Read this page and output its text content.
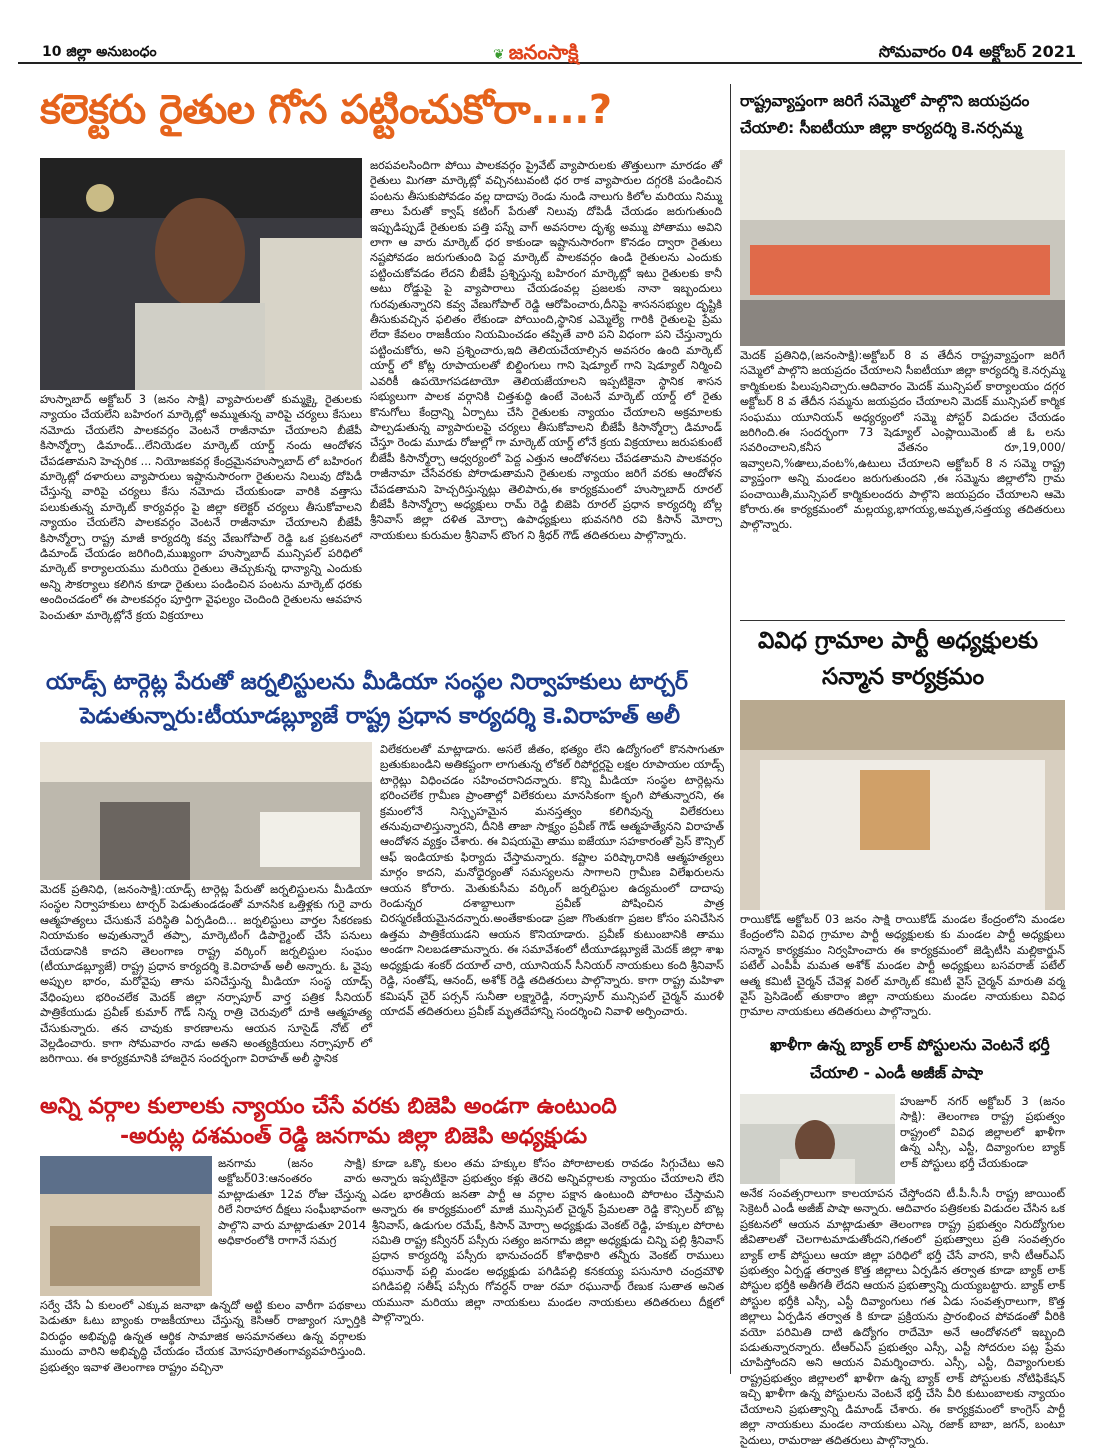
10 జిల్లా అనుబంధం	❦ జనంసాక్షి	సోమవారం 04 అక్టోబర్ 2021
కలెక్టరు రైతుల గోస పట్టించుకోరా....?
హుస్నాబాద్ అక్టోబర్ 3 (జనం సాక్షి) వ్యాపారులతో కుమ్మక్కై రైతులకు న్యాయం చేయలేని బహిరంగ మార్కెట్లో అమ్ముతున్న వారిపై చర్యలు కేసులు నమోదు చేయలేని పాలకవర్గం వెంటనే రాజీనామా చేయాలని బీజేపీ కిసాన్మోర్చా డిమాండ్...లేనియెడల మార్కెట్ యార్డ్ నందు ఆందోళన చేపడతామని హెచ్చరిక ... నియోజకవర్గ కేంద్రమైనహుస్నాబాద్ లో బహిరంగ మార్కెట్లో దళారులు వ్యాపారులు ఇష్టానుసారంగా రైతులను నిలువు దోపిడీ చేస్తున్న వారిపై చర్యలు కేసు నమోదు చేయకుండా వారికి వత్తాసు పలుకుతున్న మార్కెట్ కార్యవర్గం పై జిల్లా కలెక్టర్ చర్యలు తీసుకోవాలని న్యాయం చేయలేని పాలకవర్గం వెంటనే రాజీనామా చేయాలని బీజేపీ కిసాన్మోర్చా రాష్ట్ర మాజీ కార్యదర్శి కవ్వ వేణుగోపాల్ రెడ్డి ఒక ప్రకటనలో డిమాండ్ చేయడం జరిగింది,ముఖ్యంగా హుస్నాబాద్ మున్సిపల్ పరిధిలో మార్కెట్ కార్యాలయము మరియు రైతులు తెచ్చుకున్న ధాన్యాన్ని ఎందుకు అన్ని సౌకర్యాలు కలిగిన కూడా రైతులు పండించిన పంటను మార్కెట్ ధరకు అందించడంలో ఈ పాలకవర్గం పూర్తిగా వైఫల్యం చెందింది రైతులను ఆవహన పెంచుతూ మార్కెట్లోనే క్రయ విక్రయాలు
జరపవలసిందిగా పోయి పాలకవర్గం ప్రైవేట్ వ్యాపారులకు తొత్తులుగా మారడం తో రైతులు మిగతా మార్కెట్లో వచ్చినటువంటి ధర రాక వ్యాపారుల దగ్గరకి పండించిన పంటను తీసుకుపోవడం వల్ల దాదాపు రెండు నుండి నాలుగు కిలోల మరియు నిమ్ము తాలు పేరుతో క్వాష్ కటింగ్ పేరుతో నిలువు దోపిడీ చేయడం జరుగుతుంది ఇప్పుడిప్పుడే రైతులకు పత్తి పస్నే వాగ్ అవసరాల దృశ్య అమ్ము పోతాము అవిని లాగా ఆ వారు మార్కెట్ ధర కాకుండా ఇష్టానుసారంగా కొనడం ద్వారా రైతులు నష్టపోవడం జరుగుతుంది పెద్ద మార్కెట్ పాలకవర్గం ఉండి రైతులను ఎందుకు పట్టించుకోవడం లేదని బీజేపీ ప్రశ్నిస్తున్న బహిరంగ మార్కెట్లో ఇటు రైతులకు కానీ అటు రోడ్డుపై పై వ్యాపారాలు చేయడంవల్ల ప్రజలకు నానా ఇబ్బందులు గురవుతున్నారని కవ్వ వేణుగోపాల్ రెడ్డి ఆరోపించారు,దీనిపై శాసనసభ్యుల దృష్టికి తీసుకువచ్చిన ఫలితం లేకుండా పోయింది,స్థానిక ఎమ్మెల్యే గారికి రైతులపై ప్రేమ లేదా కేవలం రాజకీయం నియమించడం తప్పితే వారి పని విధంగా పని చేస్తున్నారు పట్టించుకోరు, అని ప్రశ్నించారు,ఇది తెలియచేయాల్సిన అవసరం ఉంది మార్కెట్ యార్డ్ లో కోట్ల రూపాయలతో బిల్డింగులు గాని షెడ్యూల్ గాని షెడ్యూల్ నిర్మించి ఎవరికీ ఉపయోగపడటాయో తెలియజేయాలని ఇప్పటికైనా స్థానిక శాసన సభ్యులుగా పాలక వర్గానికి చిత్తశుద్ధి ఉంటే వెంటనే మార్కెట్ యార్డ్ లో రైతు కొనుగోలు కేంద్రాన్ని ఏర్పాటు చేసి రైతులకు న్యాయం చేయాలని అక్రమాలకు పాల్పడుతున్న వ్యాపారులపై చర్యలు తీసుకోవాలని బీజేపీ కిసాన్మోర్చా డిమాండ్ చేస్తూ రెండు మూడు రోజుల్లో గా మార్కెట్ యార్డ్ లోనే క్రయ విక్రయాలు జరుపకుంటే బీజేపీ కిసాన్మోర్చా ఆధ్వర్యంలో పెద్ద ఎత్తున ఆందోళనలు చేపడతామని పాలకవర్గం రాజీనామా చేసేవరకు పోరాడుతామని రైతులకు న్యాయం జరిగే వరకు ఆందోళన చేపడతామని హెచ్చరిస్తున్నట్లు తెలిపారు,ఈ కార్యక్రమంలో హుస్నాబాద్ రూరల్ బీజేపీ కిసాన్మోర్చా అధ్యక్షులు రామ్ రెడ్డి బిజెపి రూరల్ ప్రధాన కార్యదర్శి బోల్ల శ్రీనివాస్ జిల్లా దళిత మోర్చా ఉపాధ్యక్షులు భువనగిరి రవి కిసాన్ మోర్చా నాయకులు కురుమల శ్రీనివాస్ టొంగ ని శ్రీధర్ గౌడ్ తదితరులు పాల్గొన్నారు.
రాష్ట్రవ్యాప్తంగా జరిగే సమ్మెలో పాల్గొని జయప్రదం
చేయాలి: సీఐటీయూ జిల్లా కార్యదర్శి కె.నర్సమ్మ
మెదక్ ప్రతినిధి,(జనంసాక్షి):అక్టోబర్ 8 వ తేదీన రాష్ట్రవ్యాప్తంగా జరిగే సమ్మెలో పాల్గొని జయప్రదం చేయాలని సీఐటీయూ జిల్లా కార్యదర్శి కె.నర్సమ్మ కార్మికులకు పిలుపునిచ్చారు.ఆదివారం మెదక్ మున్సిపల్ కార్యాలయం దగ్గర అక్టోబర్ 8 వ తేదీన సమ్మను జయప్రదం చేయాలని మెదక్ మున్సిపల్ కార్మిక సంఘము యూనియన్ అధ్యర్యంలో సమ్మె పోస్టర్ విడుదల చేయడం జరిగింది.ఈ సందర్భంగా 73 షెడ్యూల్ ఎంప్లాయిమెంట్ జీ ఓ లను సవరించాలని,కనీస వేతనం రూ,19,000/ ఇవ్వాలని,%ఉాలు,వంట%,ఉటులు చేయాలని అక్టోబర్ 8 న సమ్మె రాష్ట్ర వ్యాప్తంగా అన్ని మండలం జరుగుతుందని ,ఈ సమ్మెను జిల్లాలోని గ్రామ పంచాయితీ,మున్సిపల్ కార్మికులందరు పాల్గొని జయప్రదం చేయాలని ఆమె కోరారు.ఈ కార్యక్రమంలో మల్లయ్య,భాగయ్య,అమృత,సత్తయ్య తదితరులు పాల్గొన్నారు.
వివిధ గ్రామాల పార్టీ అధ్యక్షులకు
సన్మాన కార్యక్రమం
రాయికోడ్ అక్టోబర్ 03 జనం సాక్షి రాయికోడ్ మండల కేంద్రంలోని మండల కేంద్రంలోని వివిధ గ్రామాల పార్టీ అధ్యక్షులకు కు మండల పార్టీ అధ్యక్షులు సన్మాన కార్యక్రమం నిర్వహించారు ఈ కార్యక్రమంలో జెడ్పిటీసి మల్లికార్జున్ పటేల్ ఎంపీపీ మమత అశోక్ మండల పార్టీ అధ్యక్షులు బసవరాజ్ పటేల్ ఆత్మ కమిటీ చైర్మన్ చేవెళ్ల విఠల్ మార్కెట్ కమిటీ వైస్ చైర్మన్ మారుతి వర్మ వైస్ ప్రెసిడెంట్ తుకారాం జిల్లా నాయకులు మండల నాయకులు వివిధ గ్రామాల నాయకులు తదితరులు పాల్గొన్నారు.
ఖాళీగా ఉన్న బ్యాక్ లాక్ పోస్టులను వెంటనే భర్తీ
చేయాలి - ఎండీ అజీజ్ పాషా
హుజూర్ నగర్ అక్టోబర్ 3 (జనం సాక్షి): తెలంగాణ రాష్ట్ర ప్రభుత్వం రాష్ట్రంలో వివిధ జిల్లాలలో ఖాళీగా ఉన్న ఎస్సీ, ఎస్టీ, దివ్యాంగుల బ్యాక్ లాక్ పోస్టులు భర్తీ చేయకుండా
అనేక సంవత్సరాలుగా కాలయాపన చేస్తోందని టీ.పీ.సీ.సీ రాష్ట్ర జాయింట్ సెక్రెటరీ ఎండీ అజీజ్ పాషా అన్నారు. ఆదివారం పత్రికలకు విడుదల చేసిన ఒక ప్రకటనలో ఆయన మాట్లాడుతూ తెలంగాణ రాష్ట్ర ప్రభుత్వం నిరుద్యోగుల జీవితాలతో చెలగాటమాడుతోందని,గతంలో ప్రభుత్వాలు ప్రతి సంవత్సరం బ్యాక్ లాక్ పోస్టులు ఆయా జిల్లా పరిధిలో భర్తీ చేసే వారని, కానీ టీఆర్ఎస్ ప్రభుత్వం ఏర్పడ్డ తర్వాత కొత్త జిల్లాలు ఏర్పడిన తర్వాత కూడా బ్యాక్ లాక్ పోస్టుల భర్తీకి అతీగతీ లేదని ఆయన ప్రభుత్వాన్ని దుయ్యబట్టారు. బ్యాక్ లాక్ పోస్టుల భర్తీకి ఎస్సీ, ఎస్టీ దివ్యాంగులు గత ఏడు సంవత్సరాలుగా, కొత్త జిల్లాలు ఏర్పడిన తర్వాత కి కూడా ప్రక్రియను ప్రారంభించ పోవడంతో వీరికి వయో పరిమితి దాటి ఉద్యోగం రాదేమో అనే ఆందోళనలో ఇబ్బంది పడుతున్నారన్నారు. టీఆర్ఎస్ ప్రభుత్వం ఎస్సీ, ఎస్టీ సోదరుల పట్ల ప్రేమ చూపిస్తోందని అని ఆయన విమర్శించారు. ఎస్సీ, ఎస్టీ, దివ్యాంగులకు రాష్ట్రప్రభుత్వం జిల్లాలలో ఖాళీగా ఉన్న బ్యాక్ లాక్ పోస్టులకు నోటిఫికేషన్ ఇచ్చి ఖాళీగా ఉన్న పోస్టులను వెంటనే భర్తీ చేసి వీరి కుటుంబాలకు న్యాయం చేయాలని ప్రభుత్వాన్ని డిమాండ్ చేశారు. ఈ కార్యక్రమంలో కాంగ్రెస్ పార్టీ జిల్లా నాయకులు మండల నాయకులు ఎస్కె రజాక్ బాబా, జగన్, బంటూ సైదులు, రామరాజు తదితరులు పాల్గొన్నారు.
యాడ్స్ టార్గెట్ల పేరుతో జర్నలిస్టులను మీడియా సంస్థల నిర్వాహకులు టార్చర్
పెడుతున్నారు:టీయూడబ్ల్యూజే రాష్ట్ర ప్రధాన కార్యదర్శి కె.విరాహత్ అలీ
మెదక్ ప్రతినిధి, (జనంసాక్షి):యాడ్స్ టార్గెట్ల పేరుతో జర్నలిస్టులను మీడియా సంస్థల నిర్వాహకులు టార్చర్ పెడుతుండడంతో మానసిక ఒత్తిళ్లకు గురై వారు ఆత్మహత్యలు చేసుకునే పరిస్థితి ఏర్పడింది... జర్నలిస్టులు వార్తల సేకరణకు నియామకం అవుతున్నారే తప్పా, మార్కెటింగ్ డిపార్ట్మెంట్ చేసే పనులు చేయడానికి కాదని తెలంగాణ రాష్ట్ర వర్కింగ్ జర్నలిస్టుల సంఘం (టీయూడబ్ల్యూజే) రాష్ట్ర ప్రధాన కార్యదర్శి కె.విరాహత్ అలీ అన్నారు. ఓ వైపు అప్పుల భారం, మరోవైపు తాను పనిచేస్తున్న మీడియా సంస్థ యాడ్స్ వేధింపులు భరించలేక మెదక్ జిల్లా నర్సాపూర్ వార్త పత్రిక సీనియర్ పాత్రికేయుడు ప్రవీణ్ కుమార్ గౌడ్ నిన్న రాత్రి చెరువులో దూకి ఆత్మహత్య చేసుకున్నారు. తన చావుకు కారణాలను ఆయన సూసైడ్ నోట్ లో వెల్లడించారు. కాగా సోమవారం నాడు అతని అంత్యక్రియలు నర్సాపూర్ లో జరిగాయి. ఈ కార్యక్రమానికి హాజరైన సందర్భంగా విరాహత్ అలీ స్థానిక
విలేకరులతో మాట్లాడారు. అసలే జీతం, భత్యం లేని ఉద్యోగంలో కొనసాగుతూ బ్రతుకుబండిని అతికష్టంగా లాగుతున్న లోకల్ రిపోర్టర్లపై లక్షల రూపాయల యాడ్స్ టార్గెట్లు విధించడం సహించరానిదన్నారు. కొన్ని మీడియా సంస్థల టార్గెట్లను భరించలేక గ్రామీణ ప్రాంతాల్లో విలేకరులు మానసికంగా కృంగి పోతున్నారని, ఈ క్రమంలోనే నిస్పృహమైన మనస్తత్వం కలిగివున్న విలేకరులు తనువుచాలిస్తున్నారని, దీనికి తాజా సాక్ష్యం ప్రవీణ్ గౌడ్ ఆత్మహత్యేనని విరాహత్ ఆందోళన వ్యక్తం చేశారు. ఈ విషయమై తాము ఐజేయూ సహకారంతో ప్రెస్ కౌన్సిల్ ఆఫ్ ఇండియాకు ఫిర్యాదు చేస్తామన్నారు. కష్టాల పరిష్కారానికి ఆత్మహత్యలు మార్గం కాదని, మనోధైర్యంతో సమస్యలను సాగాలని గ్రామీణ విలేఖరులను ఆయన కోరారు. మెతుకుసీమ వర్కింగ్ జర్నలిస్టుల ఉద్యమంలో దాదాపు రెండున్నర దశాబ్దాలుగా ప్రవీణ్ పోషించిన పాత్ర చిరస్మరణీయమైనదన్నారు.అంతేకాకుండా ప్రజా గొంతుకగా ప్రజల కోసం పనిచేసిన ఉత్తమ పాత్రికేయుడని ఆయన కొనియాడారు. ప్రవీణ్ కుటుంబానికి తాము అండగా నిలబడతామన్నారు. ఈ సమావేశంలో టీయూడబ్ల్యూజే మెదక్ జిల్లా శాఖ అధ్యక్షుడు శంకర్ దయాల్ చారి, యూనియన్ సీనియర్ నాయకులు కంది శ్రీనివాస్ రెడ్డి, సంతోష్, ఆనంద్, అశోక్ రెడ్డి తదితరులు పాల్గొన్నారు. కాగా రాష్ట్ర మహిళా కమిషన్ చైర్ పర్సన్ సునీతా లక్ష్మారెడ్డి, నర్సాపూర్ మున్సిపల్ చైర్మన్ మురళీ యాదవ్ తదితరులు ప్రవీణ్ మృతదేహాన్ని సందర్శించి నివాళి అర్పించారు.
అన్ని వర్గాల కులాలకు న్యాయం చేసే వరకు బిజెపి అండగా ఉంటుంది
-అరుట్ల దశమంత్ రెడ్డి జనగామ జిల్లా బిజెపి అధ్యక్షుడు
జనగామ (జనం సాక్షి) అక్టోబర్03:ఆనంతరం వారు మాట్లాడుతూ 12వ రోజు చేస్తున్న రిలే నిరాహార దీక్షలు సంఘీభావంగా పాల్గొని వారు మాట్లాడుతూ 2014 అధికారంలోకి రాగానే సమగ్ర
సర్వే చేసే ఏ కులంలో ఎక్కువ జనాభా ఉన్నదో అట్టి కులం వారీగా పథకాలు పెడుతూ ఓటు బ్యాంకు రాజకీయాలు చేస్తున్న కెసిఆర్ రాజ్యాంగ స్ఫూర్తికి విరుద్ధం అభివృద్ధి ఉన్నత ఆర్థిక సామాజిక అసమానతలు ఉన్న వర్గాలకు ముందు వారిని అభివృద్ధి చేయడం చేయక మోసపూరితంగావ్యవహరిస్తుంది. ప్రభుత్వం ఇవాళ తెలంగాణ రాష్ట్రం వచ్చినా
కూడా ఒక్కొ కులం తమ హక్కుల కోసం పోరాటాలకు రావడం సిగ్గుచేటు అని అన్నారు ఇప్పటికైనా ప్రభుత్వం కళ్లు తెరచి అన్నివర్గాలకు న్యాయం చేయాలని లేని ఎడల భారతీయ జనతా పార్టీ ఆ వర్గాల పక్షాన ఉంటుంది పోరాటం చేస్తామని అన్నారు ఈ కార్యక్రమంలో మాజీ మున్సిపల్ చైర్మన్ ప్రేమలతా రెడ్డి కౌన్సిలర్ బొట్ల శ్రీనివాస్, ఉడుగుల రమేష్, కిసాన్ మోర్చా అధ్యక్షుడు వెంకట్ రెడ్డి, హక్కుల పోరాట సమితి రాష్ట్ర కన్వీనర్ పస్సీరు సత్యం జనగామ జిల్లా అధ్యక్షుడు చిన్ని పల్లి శ్రీనివాస్ ప్రధాన కార్యదర్శి పస్సీరు భానుచందర్ కోశాధికారి తన్నీరు వెంకట్ రాములు రఘునాథ్ పల్లి మండల అధ్యక్షుడు పగిడిపల్లి కనకయ్య పసునూరి చంద్రమౌళి పగిడిపల్లి సతీష్ పస్సీరు గోవర్ధన్ రాజు రమా రఘునాథ్ రేణుక సుతాత అనిత యమునా మరియు జిల్లా నాయకులు మండల నాయకులు తదితరులు దీక్షలో పాల్గొన్నారు.
